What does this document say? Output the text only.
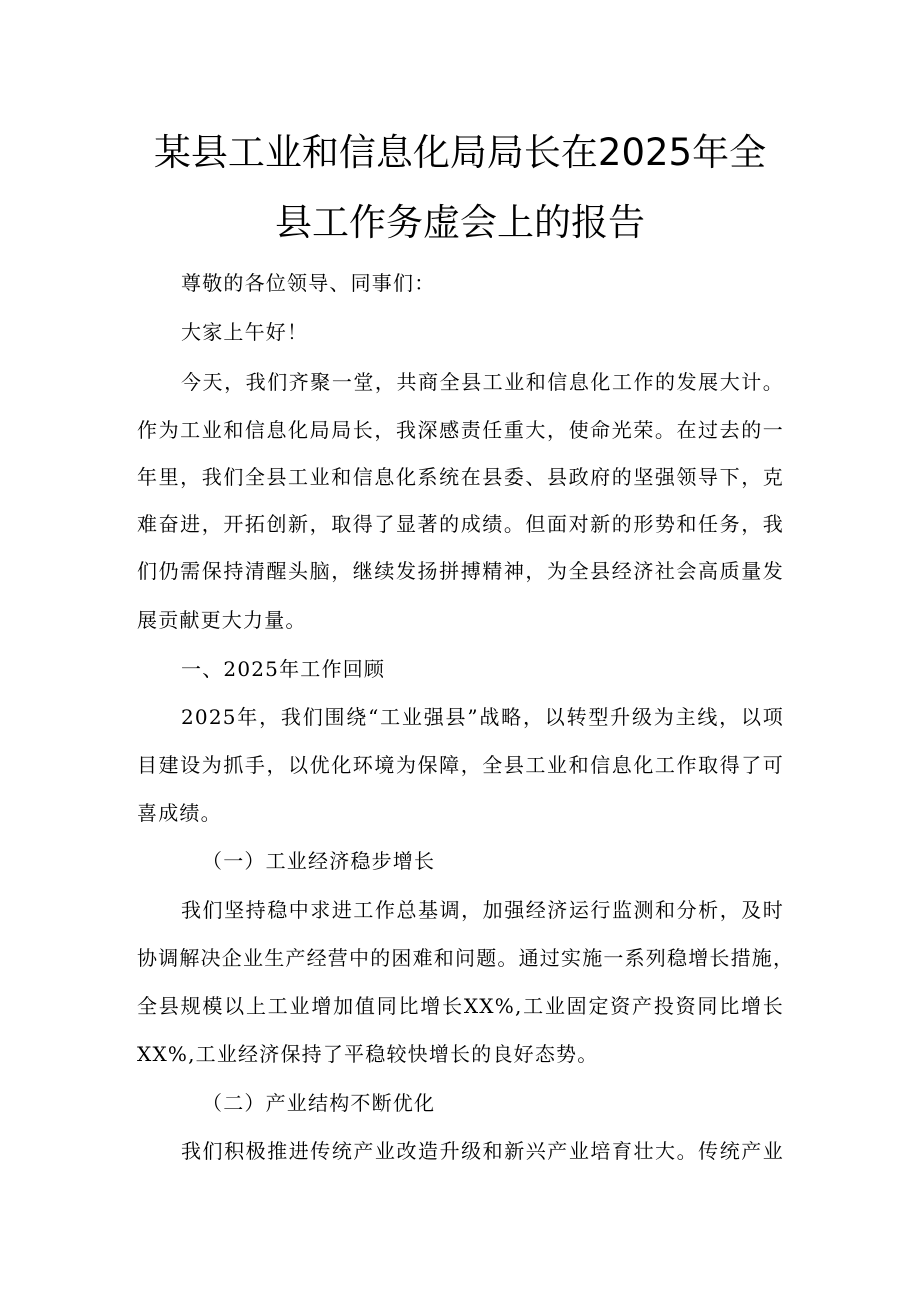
某县工业和信息化局局长在2025年全
县工作务虚会上的报告
尊敬的各位领导、同事们：
大家上午好！
今天，我们齐聚一堂，共商全县工业和信息化工作的发展大计。
作为工业和信息化局局长，我深感责任重大，使命光荣。在过去的一
年里，我们全县工业和信息化系统在县委、县政府的坚强领导下，克
难奋进，开拓创新，取得了显著的成绩。但面对新的形势和任务，我
们仍需保持清醒头脑，继续发扬拼搏精神，为全县经济社会高质量发
展贡献更大力量。
一、2025年工作回顾
2025年，我们围绕“工业强县”战略，以转型升级为主线，以项
目建设为抓手，以优化环境为保障，全县工业和信息化工作取得了可
喜成绩。
（一）工业经济稳步增长
我们坚持稳中求进工作总基调，加强经济运行监测和分析，及时
协调解决企业生产经营中的困难和问题。通过实施一系列稳增长措施，
全县规模以上工业增加值同比增长XX%,工业固定资产投资同比增长
XX%,工业经济保持了平稳较快增长的良好态势。
（二）产业结构不断优化
我们积极推进传统产业改造升级和新兴产业培育壮大。传统产业
